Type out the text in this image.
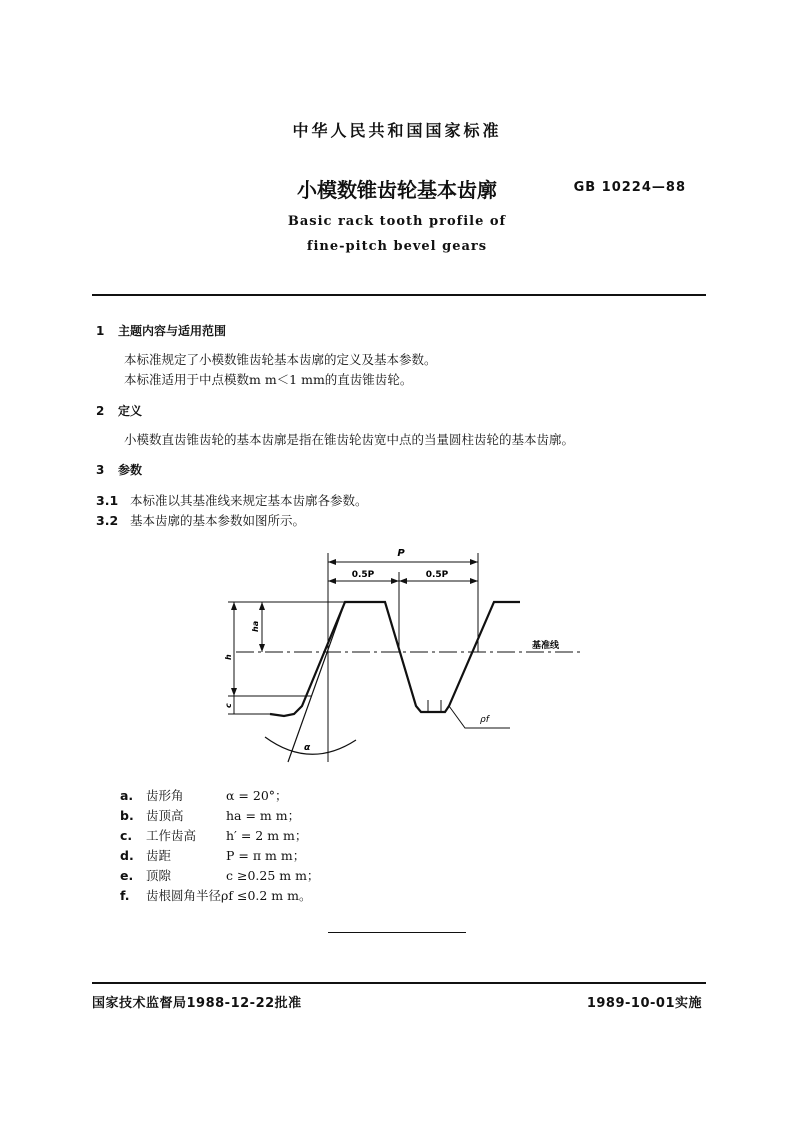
中华人民共和国国家标准
小模数锥齿轮基本齿廓	GB 10224—88
Basic rack tooth profile of
fine-pitch bevel gears
1 主题内容与适用范围
本标准规定了小模数锥齿轮基本齿廓的定义及基本参数。
本标准适用于中点模数m m＜1 mm的直齿锥齿轮。
2 定义
小模数直齿锥齿轮的基本齿廓是指在锥齿轮齿宽中点的当量圆柱齿轮的基本齿廓。
3 参数
3.1 本标准以其基准线来规定基本齿廓各参数。
3.2 基本齿廓的基本参数如图所示。
P
0.5P	0.5P
基准线
ha
h
c
ρf
α
a. 齿形角	α = 20°；
b. 齿顶高	ha = m m；
c. 工作齿高 h′ = 2 m m；
d. 齿距	P = π m m；
e. 顶隙	c ≥0.25 m m；
f. 齿根圆角半径ρf ≤0.2 m m。
国家技术监督局1988-12-22批准	1989-10-01实施
